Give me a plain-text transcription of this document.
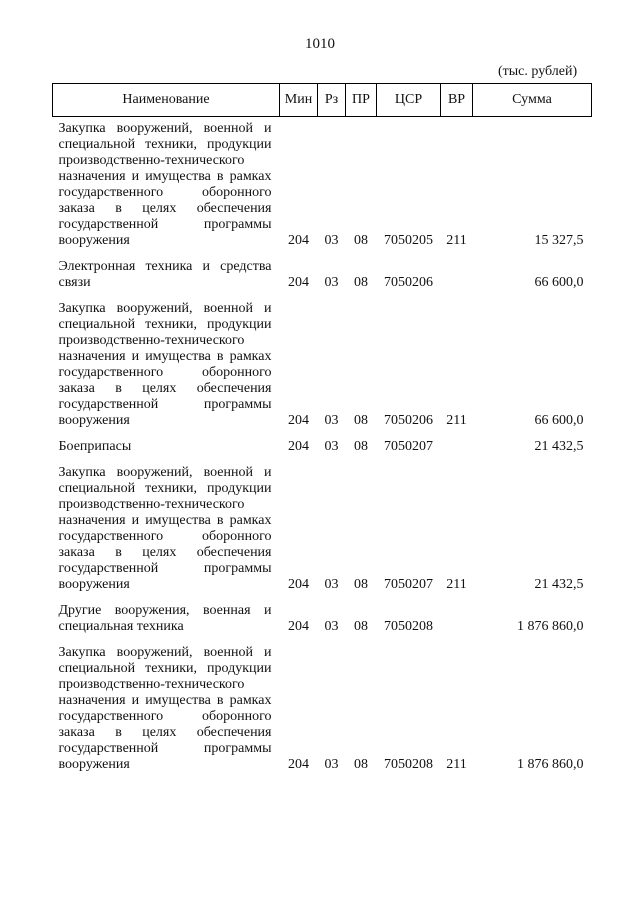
1010
(тыс. рублей)
Наименование	Мин	Рз	ПР	ЦСР	ВР	Сумма
Закупка вооружений, военной и специальной техники, продукции производственно-технического назначения и имущества в рамках государственного оборонного заказа в целях обеспечения государственной программы вооружения	204	03	08	7050205	211	15 327,5
Электронная техника и средства связи	204	03	08	7050206		66 600,0
Закупка вооружений, военной и специальной техники, продукции производственно-технического назначения и имущества в рамках государственного оборонного заказа в целях обеспечения государственной программы вооружения	204	03	08	7050206	211	66 600,0
Боеприпасы	204	03	08	7050207		21 432,5
Закупка вооружений, военной и специальной техники, продукции производственно-технического назначения и имущества в рамках государственного оборонного заказа в целях обеспечения государственной программы вооружения	204	03	08	7050207	211	21 432,5
Другие вооружения, военная и специальная техника	204	03	08	7050208		1 876 860,0
Закупка вооружений, военной и специальной техники, продукции производственно-технического назначения и имущества в рамках государственного оборонного заказа в целях обеспечения государственной программы вооружения	204	03	08	7050208	211	1 876 860,0
